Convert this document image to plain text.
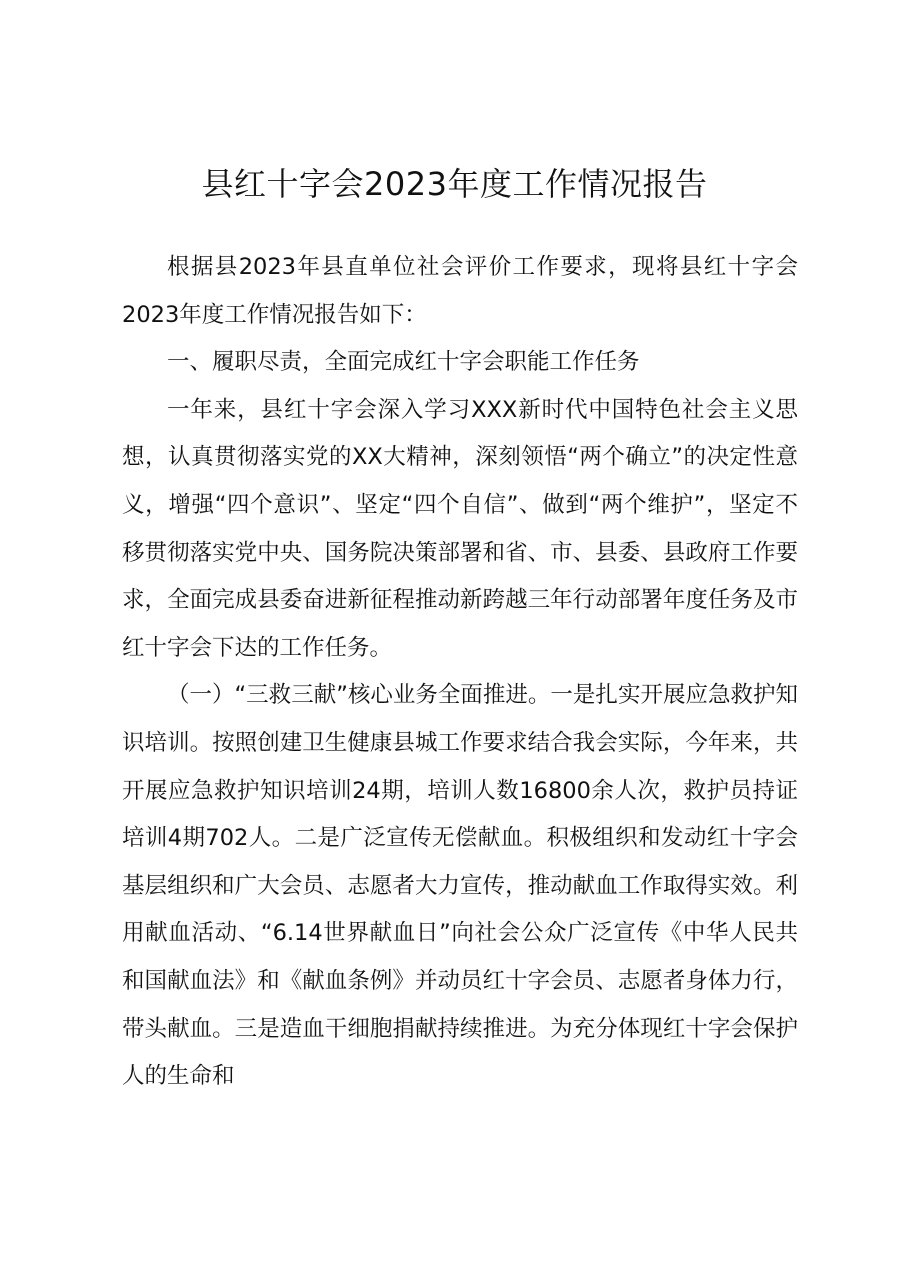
县红十字会2023年度工作情况报告

根据县2023年县直单位社会评价工作要求，现将县红十字会2023年度工作情况报告如下：

一、履职尽责，全面完成红十字会职能工作任务

一年来，县红十字会深入学习XXX新时代中国特色社会主义思想，认真贯彻落实党的XX大精神，深刻领悟“两个确立”的决定性意义，增强“四个意识”、坚定“四个自信”、做到“两个维护”，坚定不移贯彻落实党中央、国务院决策部署和省、市、县委、县政府工作要求，全面完成县委奋进新征程推动新跨越三年行动部署年度任务及市红十字会下达的工作任务。

（一）“三救三献”核心业务全面推进。一是扎实开展应急救护知识培训。按照创建卫生健康县城工作要求结合我会实际，今年来，共开展应急救护知识培训24期，培训人数16800余人次，救护员持证培训4期702人。二是广泛宣传无偿献血。积极组织和发动红十字会基层组织和广大会员、志愿者大力宣传，推动献血工作取得实效。利用献血活动、“6.14世界献血日”向社会公众广泛宣传《中华人民共和国献血法》和《献血条例》并动员红十字会员、志愿者身体力行，带头献血。三是造血干细胞捐献持续推进。为充分体现红十字会保护人的生命和
